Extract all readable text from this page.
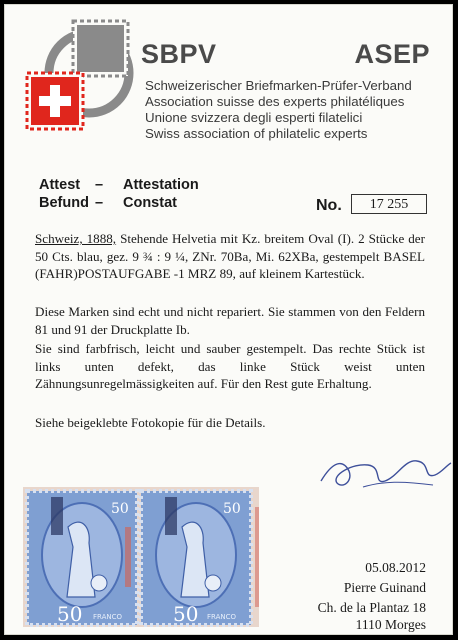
SBPV	ASEP
Schweizerischer Briefmarken-Prüfer-Verband
Association suisse des experts philatéliques
Unione svizzera degli esperti filatelici
Swiss association of philatelic experts
Attest – Attestation
Befund – Constat	No.	17 255

Schweiz, 1888, Stehende Helvetia mit Kz. breitem Oval (I). 2 Stücke der 50 Cts. blau, gez. 9 ¾ : 9 ¼, ZNr. 70Ba, Mi. 62XBa, gestempelt BASEL (FAHR)POSTAUFGABE -1 MRZ 89, auf kleinem Kartestück.

Diese Marken sind echt und nicht repariert. Sie stammen von den Feldern 81 und 91 der Druckplatte Ib.
Sie sind farbfrisch, leicht und sauber gestempelt. Das rechte Stück ist links unten defekt, das linke Stück weist unten Zähnungsunregelmässigkeiten auf. Für den Rest gute Erhaltung.
Siehe beigeklebte Fotokopie für die Details.
50	50
50	50
FRANCO	FRANCO
05.08.2012
Pierre Guinand
Ch. de la Plantaz 18
1110 Morges
